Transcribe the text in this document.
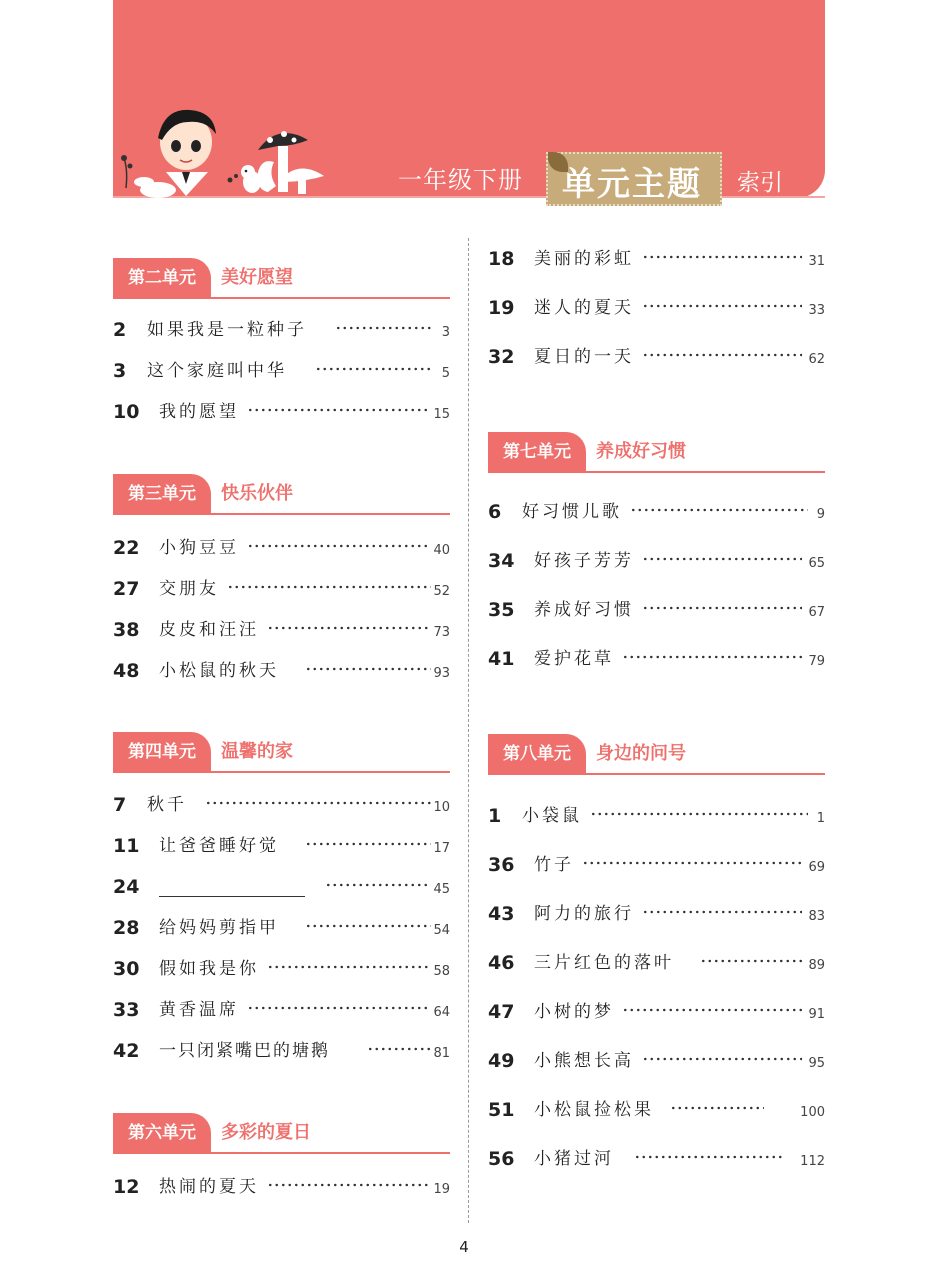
一年级下册 单元主题 索引
第二单元	美好愿望
2 如果我是一粒种子	3
3 这个家庭叫中华	5
10 我的愿望	15
第三单元	快乐伙伴
22 小狗豆豆	40
27 交朋友	52
38 皮皮和汪汪	73
48 小松鼠的秋天	93
第四单元	温馨的家
7 秋千	10
11 让爸爸睡好觉	17
24	45
28 给妈妈剪指甲	54
30 假如我是你	58
33 黄香温席	64
42 一只闭紧嘴巴的塘鹅	81
第六单元	多彩的夏日
12 热闹的夏天	19
18 美丽的彩虹	31
19 迷人的夏天	33
32 夏日的一天	62
第七单元	养成好习惯
6 好习惯儿歌	9
34 好孩子芳芳	65
35 养成好习惯	67
41 爱护花草	79
第八单元	身边的问号
1 小袋鼠	1
36 竹子	69
43 阿力的旅行	83
46 三片红色的落叶	89
47 小树的梦	91
49 小熊想长高	95
51 小松鼠捡松果	100
56 小猪过河	112
4
